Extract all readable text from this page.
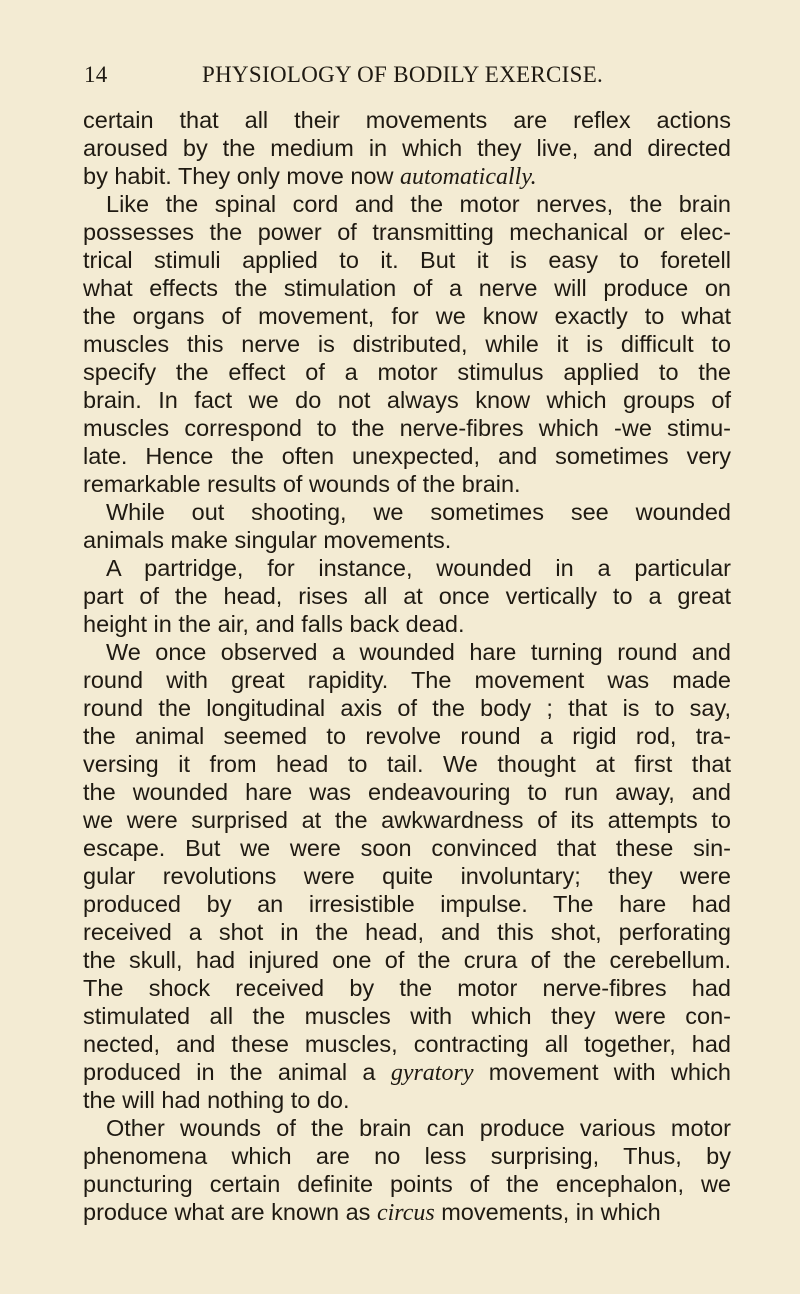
14	PHYSIOLOGY OF BODILY EXERCISE.
certain that all their movements are reflex actions
aroused by the medium in which they live, and directed
by habit. They only move now automatically.
Like the spinal cord and the motor nerves, the brain
possesses the power of transmitting mechanical or elec-
trical stimuli applied to it. But it is easy to foretell
what effects the stimulation of a nerve will produce on
the organs of movement, for we know exactly to what
muscles this nerve is distributed, while it is difficult to
specify the effect of a motor stimulus applied to the
brain. In fact we do not always know which groups of
muscles correspond to the nerve-fibres which -we stimu-
late. Hence the often unexpected, and sometimes very
remarkable results of wounds of the brain.
While out shooting, we sometimes see wounded
animals make singular movements.
A partridge, for instance, wounded in a particular
part of the head, rises all at once vertically to a great
height in the air, and falls back dead.
We once observed a wounded hare turning round and
round with great rapidity. The movement was made
round the longitudinal axis of the body ; that is to say,
the animal seemed to revolve round a rigid rod, tra-
versing it from head to tail. We thought at first that
the wounded hare was endeavouring to run away, and
we were surprised at the awkwardness of its attempts to
escape. But we were soon convinced that these sin-
gular revolutions were quite involuntary; they were
produced by an irresistible impulse. The hare had
received a shot in the head, and this shot, perforating
the skull, had injured one of the crura of the cerebellum.
The shock received by the motor nerve-fibres had
stimulated all the muscles with which they were con-
nected, and these muscles, contracting all together, had
produced in the animal a gyratory movement with which
the will had nothing to do.
Other wounds of the brain can produce various motor
phenomena which are no less surprising, Thus, by
puncturing certain definite points of the encephalon, we
produce what are known as circus movements, in which
